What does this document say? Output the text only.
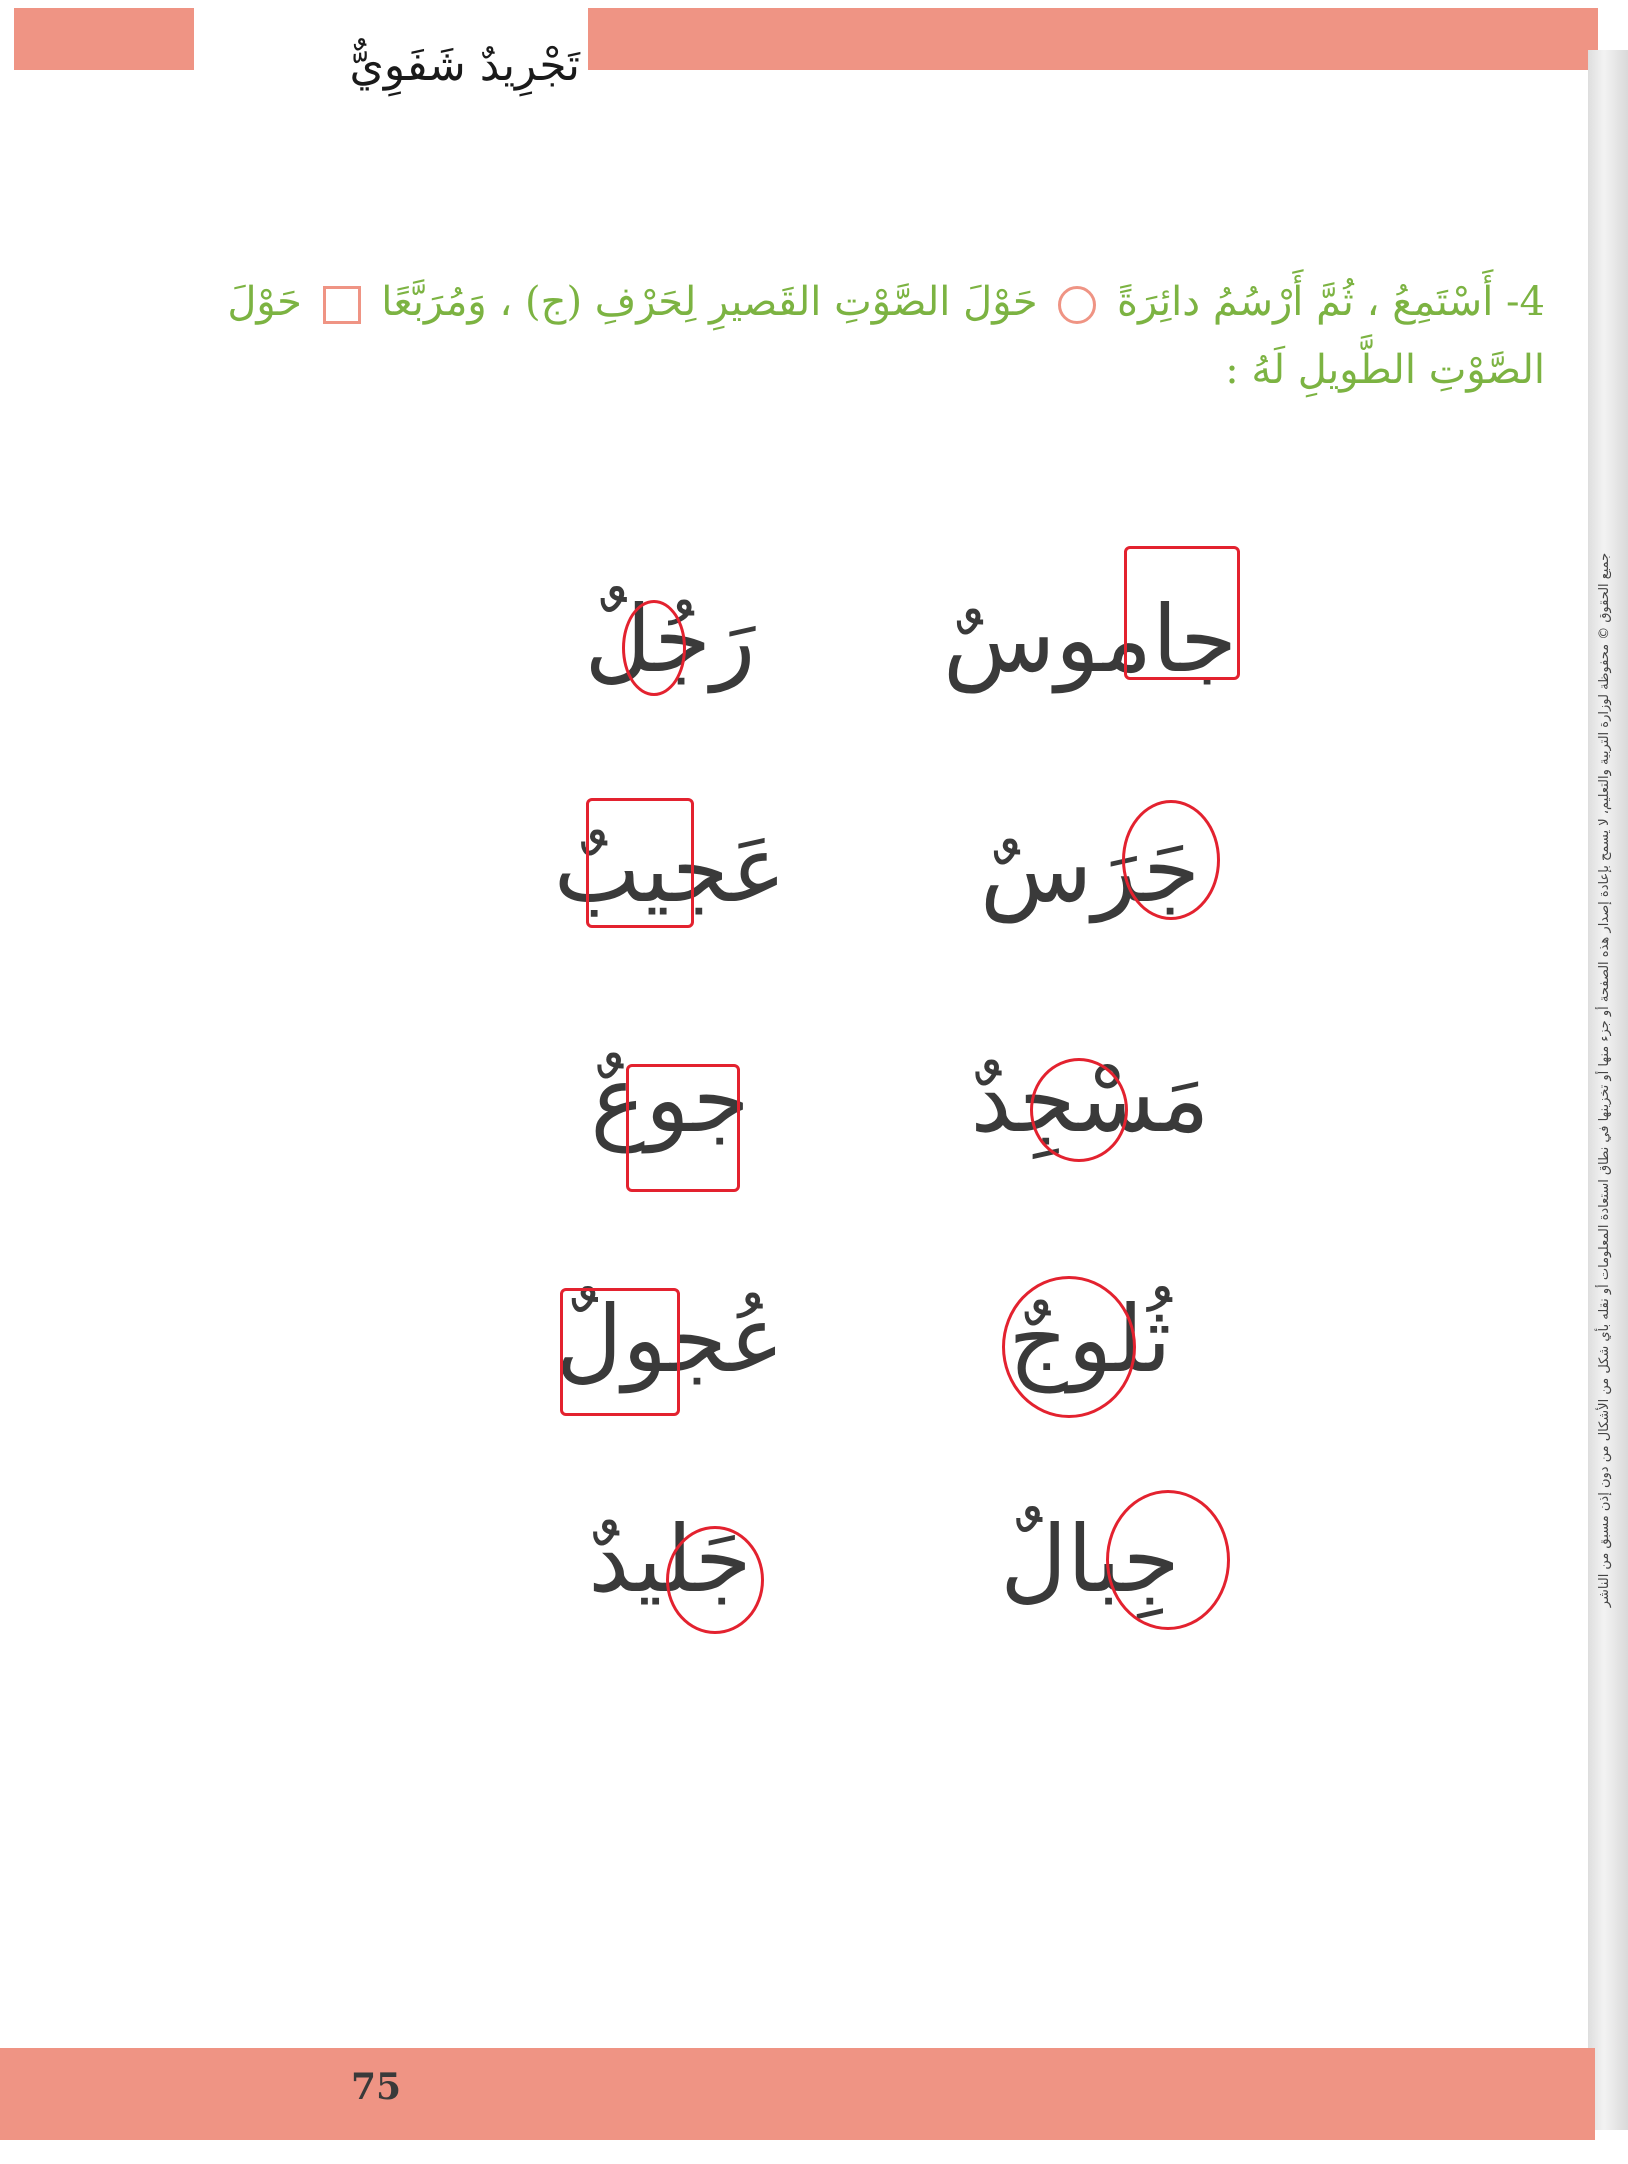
تَجْرِيدٌ شَفَوِيٌّ
جميع الحقوق © محفوظة لوزارة التربية والتعليم، لا يسمح بإعادة إصدار هذه الصفحة أو جزء منها أو تخزينها في نطاق استعادة المعلومات أو نقله بأي شكل من الأشكال من دون إذن مسبق من الناشر
4- أَسْتَمِعُ ، ثُمَّ أَرْسُمُ دائِرَةً  حَوْلَ الصَّوْتِ القَصيرِ لِحَرْفِ (ج) ، وَمُرَبَّعًا  حَوْلَ الصَّوْتِ الطَّويلِ لَهُ :
جاموسٌ
رَجُلٌ
جَرَسٌ
عَجيبٌ
مَسْجِدٌ
جوعٌ
ثُلوجٌ
عُجولٌ
جِبالٌ
جَليدٌ
75
